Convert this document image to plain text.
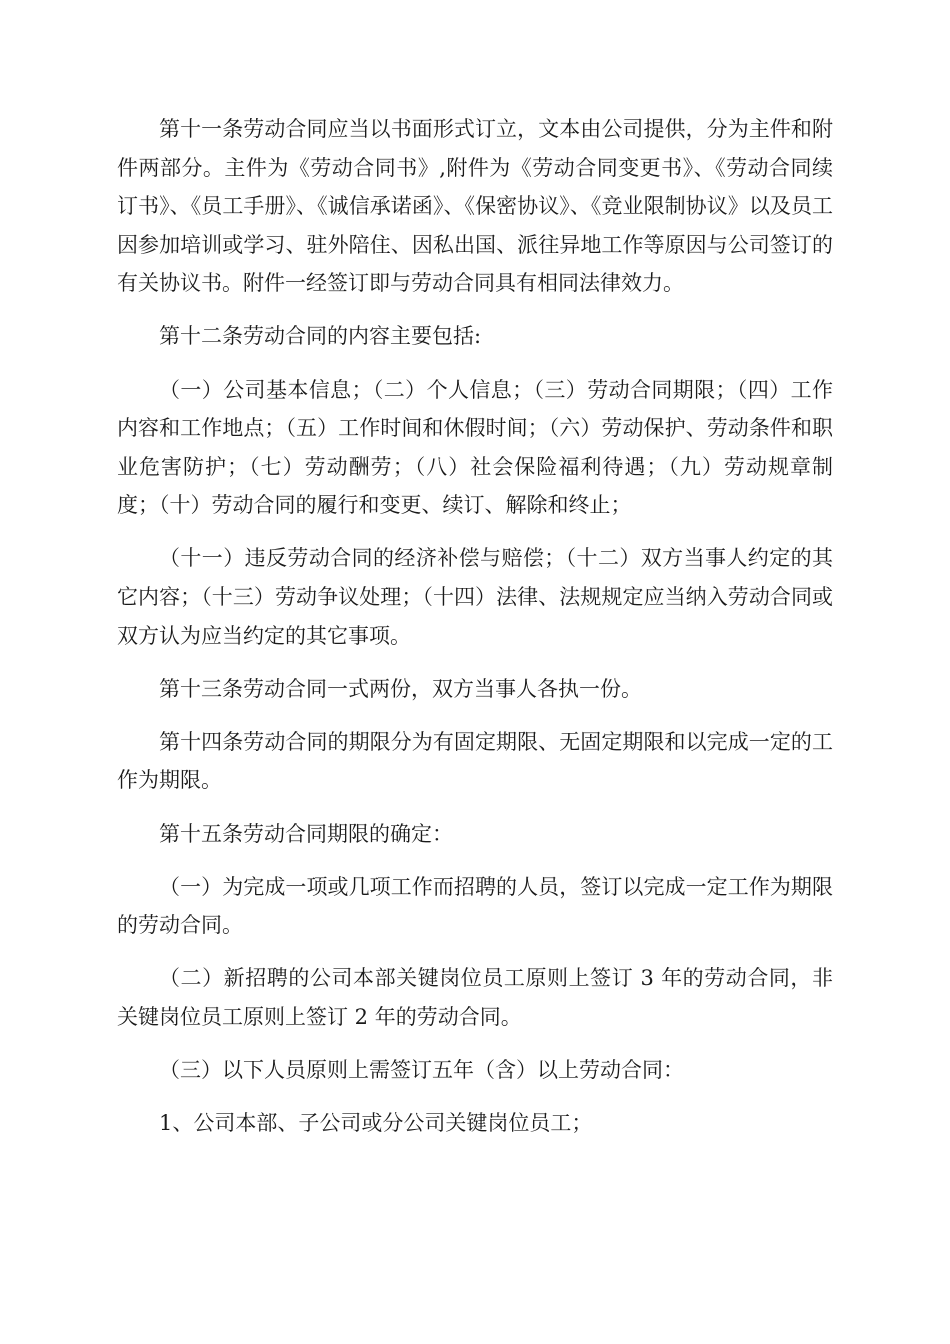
第十一条劳动合同应当以书面形式订立，文本由公司提供，分为主件和附件两部分。主件为《劳动合同书》,附件为《劳动合同变更书》、《劳动合同续订书》、《员工手册》、《诚信承诺函》、《保密协议》、《竞业限制协议》以及员工因参加培训或学习、驻外陪住、因私出国、派往异地工作等原因与公司签订的有关协议书。附件一经签订即与劳动合同具有相同法律效力。

第十二条劳动合同的内容主要包括:

（一）公司基本信息；（二）个人信息；（三）劳动合同期限；（四）工作内容和工作地点；（五）工作时间和休假时间；（六）劳动保护、劳动条件和职业危害防护；（七）劳动酬劳；（八）社会保险福利待遇；（九）劳动规章制度；（十）劳动合同的履行和变更、续订、解除和终止；

（十一）违反劳动合同的经济补偿与赔偿；（十二）双方当事人约定的其它内容；（十三）劳动争议处理；（十四）法律、法规规定应当纳入劳动合同或双方认为应当约定的其它事项。

第十三条劳动合同一式两份，双方当事人各执一份。

第十四条劳动合同的期限分为有固定期限、无固定期限和以完成一定的工作为期限。

第十五条劳动合同期限的确定：

（一）为完成一项或几项工作而招聘的人员，签订以完成一定工作为期限的劳动合同。

（二）新招聘的公司本部关键岗位员工原则上签订 3 年的劳动合同，非关键岗位员工原则上签订 2 年的劳动合同。

（三）以下人员原则上需签订五年（含）以上劳动合同：

1、公司本部、子公司或分公司关键岗位员工；
